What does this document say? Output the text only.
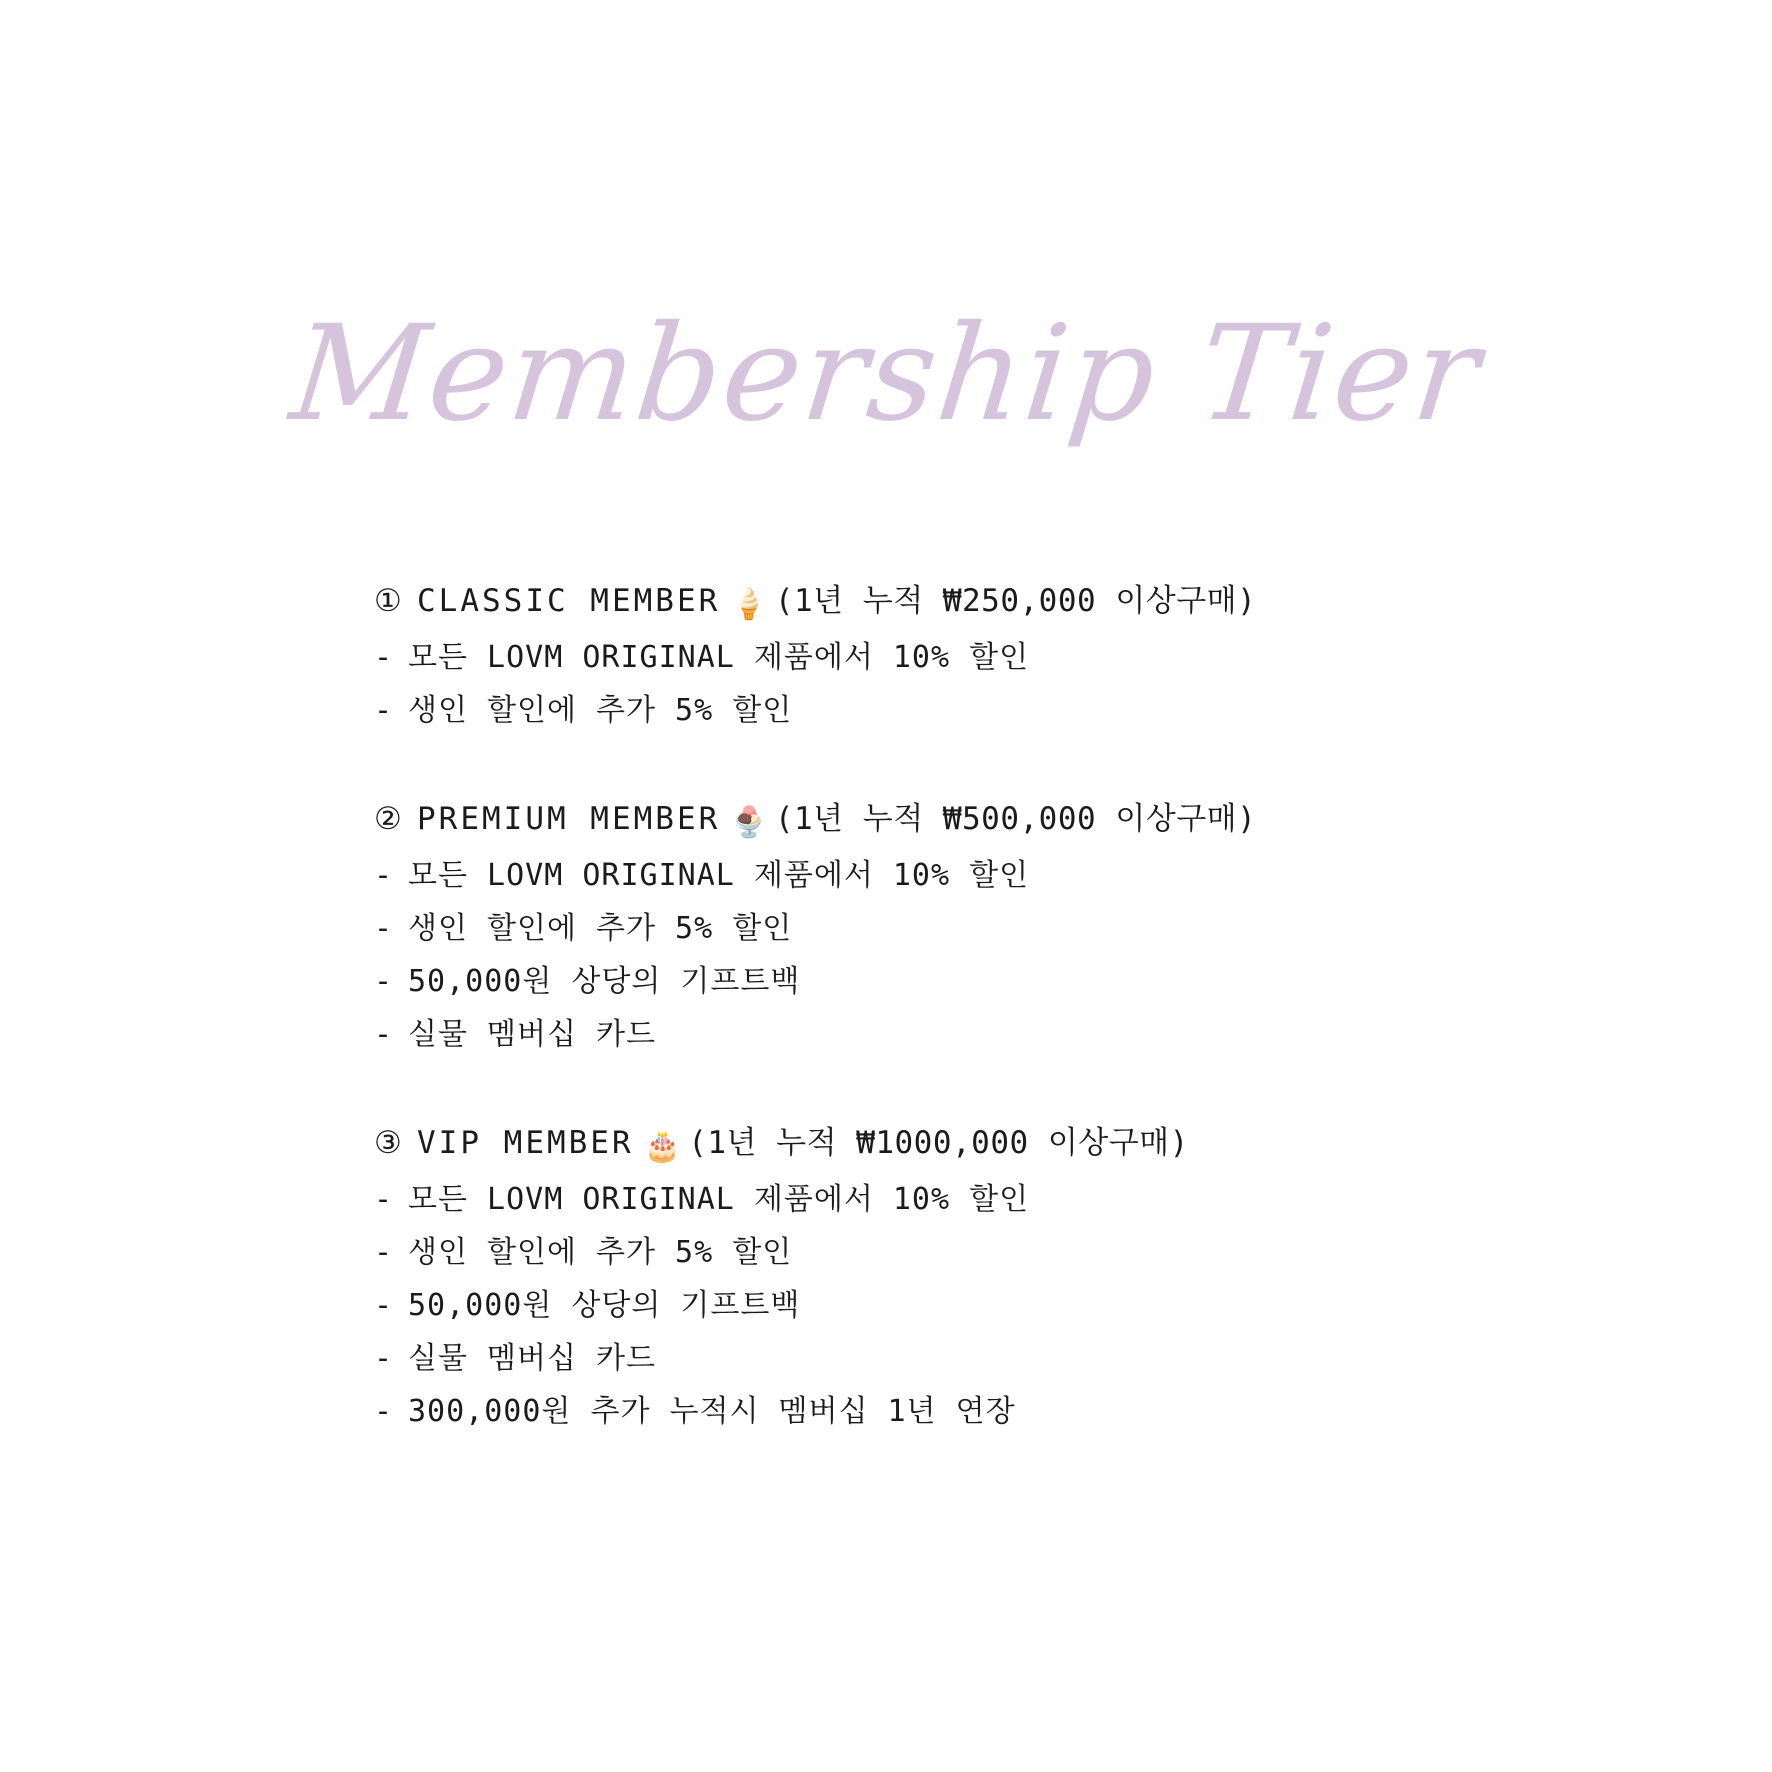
Membership Tier
① CLASSIC MEMBER 🍦 (1년 누적 ₩250,000 이상구매)
- 모든 LOVM ORIGINAL 제품에서 10% 할인
- 생인 할인에 추가 5% 할인
② PREMIUM MEMBER 🍨 (1년 누적 ₩500,000 이상구매)
- 모든 LOVM ORIGINAL 제품에서 10% 할인
- 생인 할인에 추가 5% 할인
- 50,000원 상당의 기프트백
- 실물 멤버십 카드
③ VIP MEMBER 🎂 (1년 누적 ₩1000,000 이상구매)
- 모든 LOVM ORIGINAL 제품에서 10% 할인
- 생인 할인에 추가 5% 할인
- 50,000원 상당의 기프트백
- 실물 멤버십 카드
- 300,000원 추가 누적시 멤버십 1년 연장
